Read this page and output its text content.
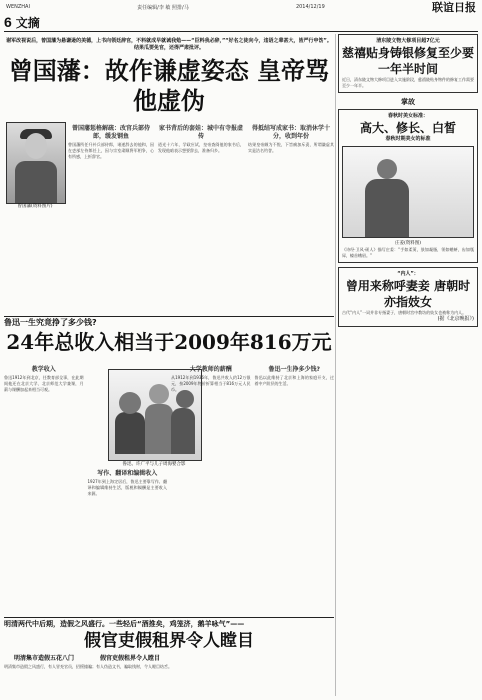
WENZHAI	责任编辑/李 敏 照排/马	2014/12/19	联谊日报
6 文摘
谢军改视说后，曾国藩为悬谦逊的美德，上书向领廷辞官，不料就成早就诫我勉——“臣料我必辞，”“好名之徒向今，违语之辈甚大，皆严行申饬”。结果瓜要免官，还得严肃批评。
曾国藩：故作谦虚姿态 皇帝骂他虚伪
曾国藩(资料图片)
曾国藩惩格解疏：改官兵部侍郎，缓发钢鱼
曾国藩所任升补兵部侍郎，诸遂辞去的他和，因在吏部左侍郎任上，因与宗室肃顺将军相争，心有所感，上折辞官。
家书背后的套娃：城中有寺报虚传
道光十六年，学政应试，皇帝查阅他的家书后，发现他暗表示想要辞去，准备归乡。
得抵结写成家书：取消休学十分，收到年份
结果皇帝颇为不悦，下旨痛加斥责，所谓谦虚其实是沽名钓誉。
鲁迅一生究竟挣了多少钱?
24年总收入相当于2009年816万元
鲁迅、许广平与儿子周海婴合影
教学收入
鲁迅1912年到北京，任教育部佥事，在此期间他还在北京大学、北京师范大学兼课，月薪与课酬加起来相当可观。
写作、翻译和编辑收入
1927年到上海定居后，鲁迅主要靠写作、翻译和编辑维持生活，版税和稿酬是主要收入来源。
大学教师的薪酬
从1912年到1936年，鲁迅共收入约12万银元，按2009年物价折算相当于816万元人民币。
鲁迅一生挣多少钱?
鲁迅以此维持了北京和上海的家庭开支，过着中产阶层的生活。
明清两代中后期，造假之风盛行。一些轻后“酒推矣，鸡笼济，鹅羊咏气”——
假官吏假租界令人瞠目
明清集市造假五花八门	假官吏假租界令人瞠目
明清集市造假之风盛行，有人冒充官员，招摇撞骗；有人伪造文书，骗取钱财，令人瞠目结舌。
清东陵文物大修项目超7亿元
慈禧贴身铸银修复至少要一年半时间
近日，清东陵文物大修项目进入实施阶段，慈禧陵贴身物件的修复工作需要至少一年半。
掌故
春秋时美女标准：
高大、修长、白皙
春秋时期美女的标准
庄姜(资料图)
《诗经·卫风·硕人》描写庄姜：“手如柔荑，肤如凝脂，领如蝤蛴，齿如瓠犀，螓首蛾眉。”
“内人”：
曾用来称呼妻妾 唐朝时亦指妓女
古代“内人”一词并非专指妻子，唐朝时宫中教坊的妓女也被称为内人。
(据《北京晚报》)
